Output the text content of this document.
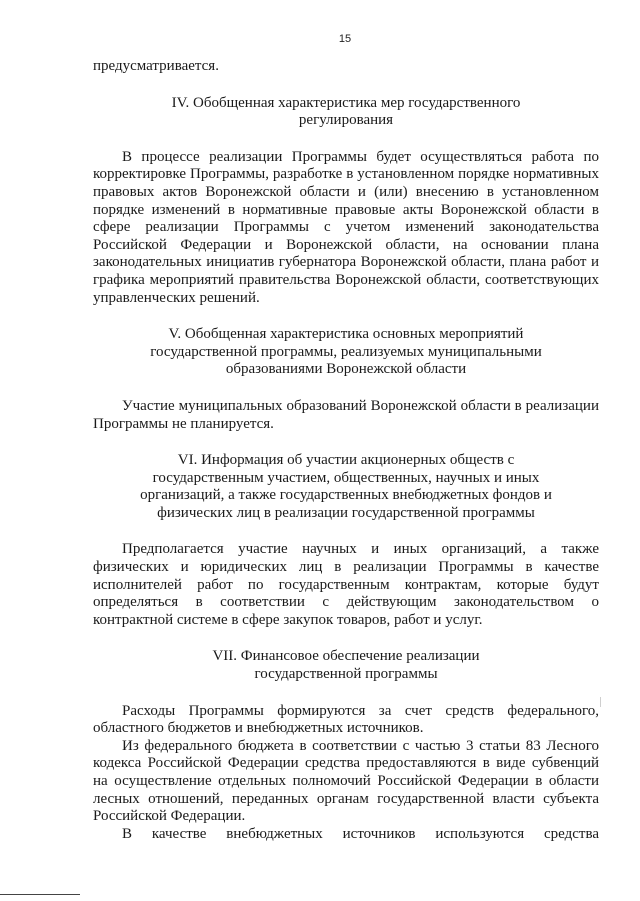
15

предусматривается.

IV. Обобщенная характеристика мер государственного

регулирования

В процессе реализации Программы будет осуществляться работа по корректировке Программы, разработке в установленном порядке нормативных правовых актов Воронежской области и (или) внесению в установленном порядке изменений в нормативные правовые акты Воронежской области в сфере реализации Программы с учетом изменений законодательства Российской Федерации и Воронежской области, на основании плана законодательных инициатив губернатора Воронежской области, плана работ и графика мероприятий правительства Воронежской области, соответствующих управленческих решений.

V. Обобщенная характеристика основных мероприятий

государственной программы, реализуемых муниципальными

образованиями Воронежской области

Участие муниципальных образований Воронежской области в реализации Программы не планируется.

VI. Информация об участии акционерных обществ с

государственным участием, общественных, научных и иных

организаций, а также государственных внебюджетных фондов и

физических лиц в реализации государственной программы

Предполагается участие научных и иных организаций, а также физических и юридических лиц в реализации Программы в качестве исполнителей работ по государственным контрактам, которые будут определяться в соответствии с действующим законодательством о контрактной системе в сфере закупок товаров, работ и услуг.

VII. Финансовое обеспечение реализации

государственной программы

Расходы Программы формируются за счет средств федерального, областного бюджетов и внебюджетных источников.

Из федерального бюджета в соответствии с частью 3 статьи 83 Лесного кодекса Российской Федерации средства предоставляются в виде субвенций на осуществление отдельных полномочий Российской Федерации в области лесных отношений, переданных органам государственной власти субъекта Российской Федерации.

В качестве внебюджетных источников используются средства
